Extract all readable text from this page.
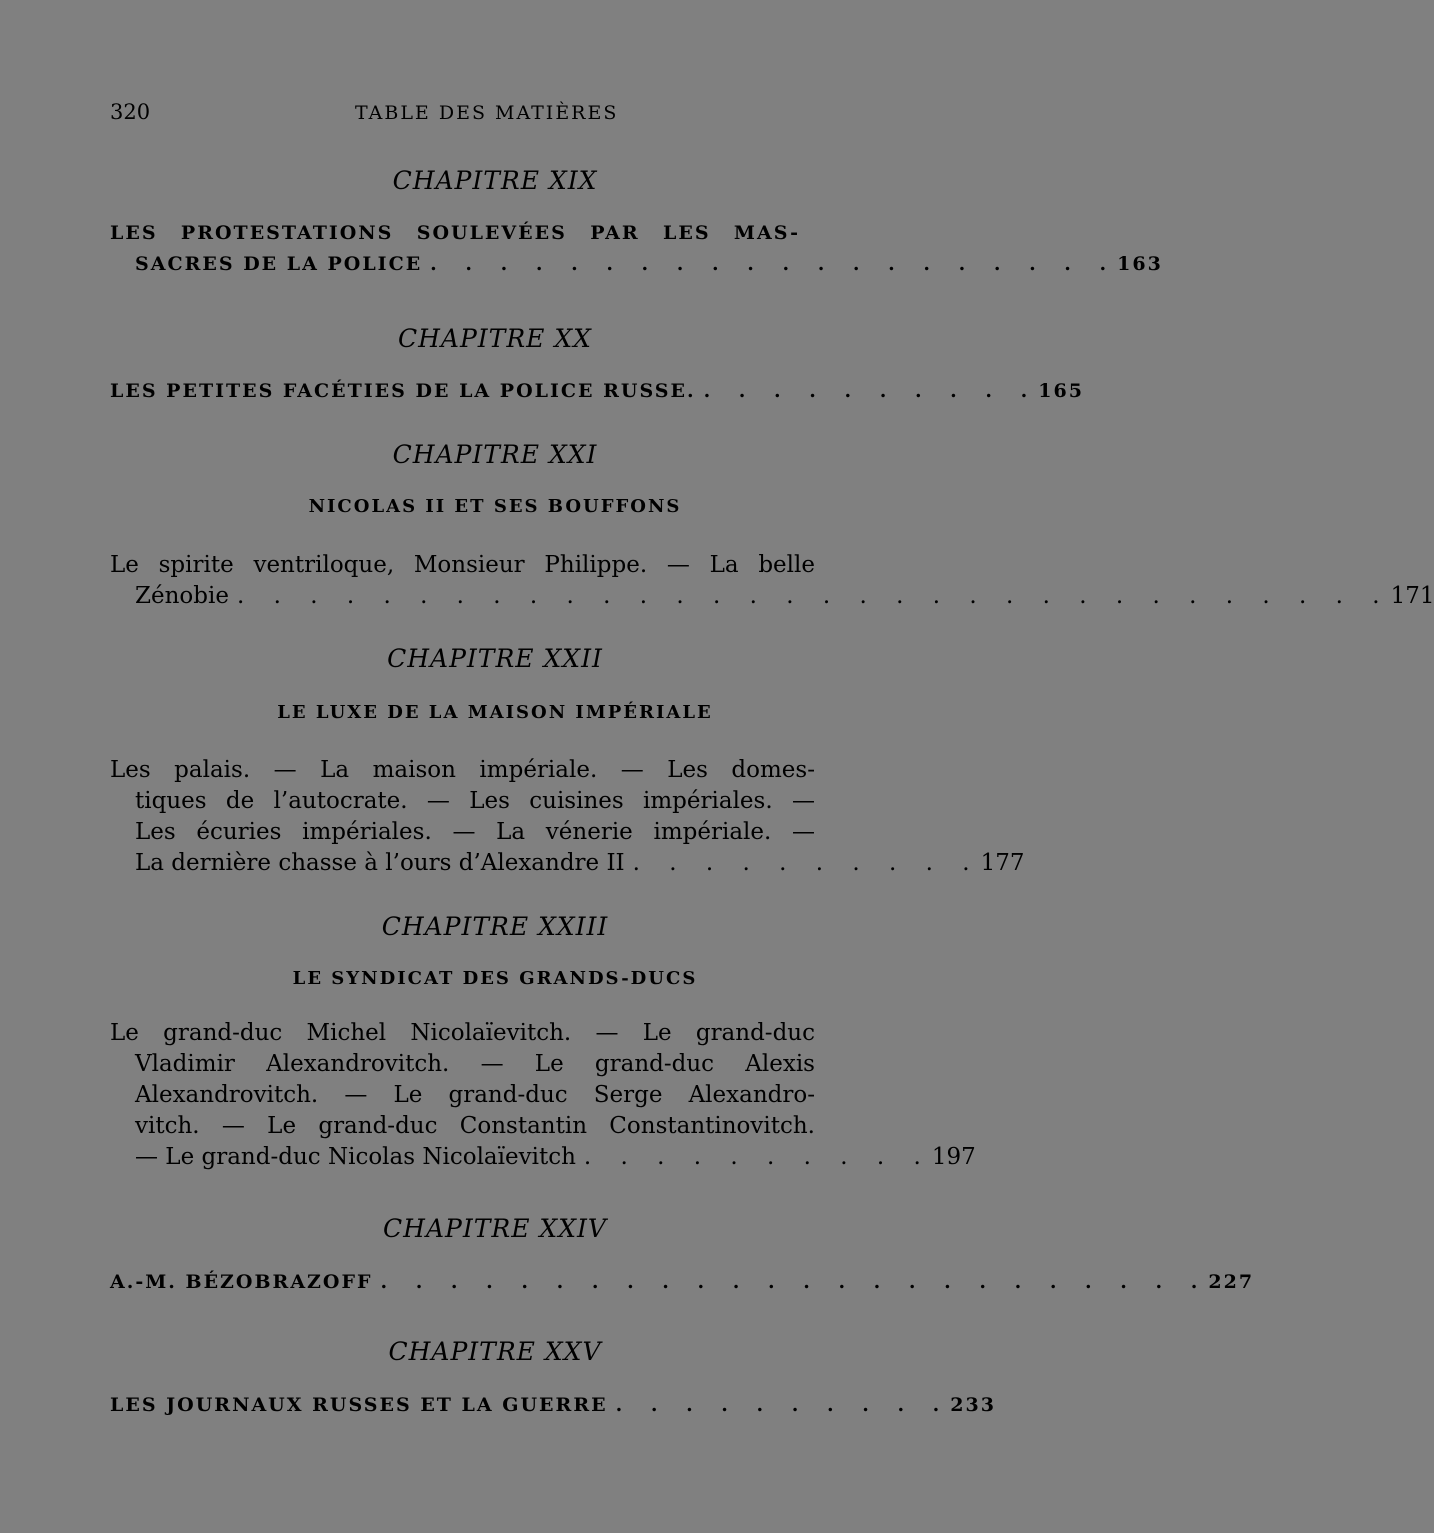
320	TABLE DES MATIÈRES
CHAPITRE XIX
LES PROTESTATIONS SOULEVÉES PAR LES MAS-
SACRES DE LA POLICE . . . . . . . . . . . . . . . . . . . . 163
CHAPITRE XX
LES PETITES FACÉTIES DE LA POLICE RUSSE. . . . . . . . . . . 165
CHAPITRE XXI
NICOLAS II ET SES BOUFFONS
Le spirite ventriloque, Monsieur Philippe. — La belle
Zénobie . . . . . . . . . . . . . . . . . . . . . . . . . . . . . . . . 171
CHAPITRE XXII
LE LUXE DE LA MAISON IMPÉRIALE
Les palais. — La maison impériale. — Les domes-
tiques de l’autocrate. — Les cuisines impériales. —
Les écuries impériales. — La vénerie impériale. —
La dernière chasse à l’ours d’Alexandre II . . . . . . . . . . 177
CHAPITRE XXIII
LE SYNDICAT DES GRANDS-DUCS
Le grand-duc Michel Nicolaïevitch. — Le grand-duc
Vladimir Alexandrovitch. — Le grand-duc Alexis
Alexandrovitch. — Le grand-duc Serge Alexandro-
vitch. — Le grand-duc Constantin Constantinovitch.
— Le grand-duc Nicolas Nicolaïevitch . . . . . . . . . . 197
CHAPITRE XXIV
A.-M. BÉZOBRAZOFF . . . . . . . . . . . . . . . . . . . . . . . . 227
CHAPITRE XXV
LES JOURNAUX RUSSES ET LA GUERRE . . . . . . . . . . 233
